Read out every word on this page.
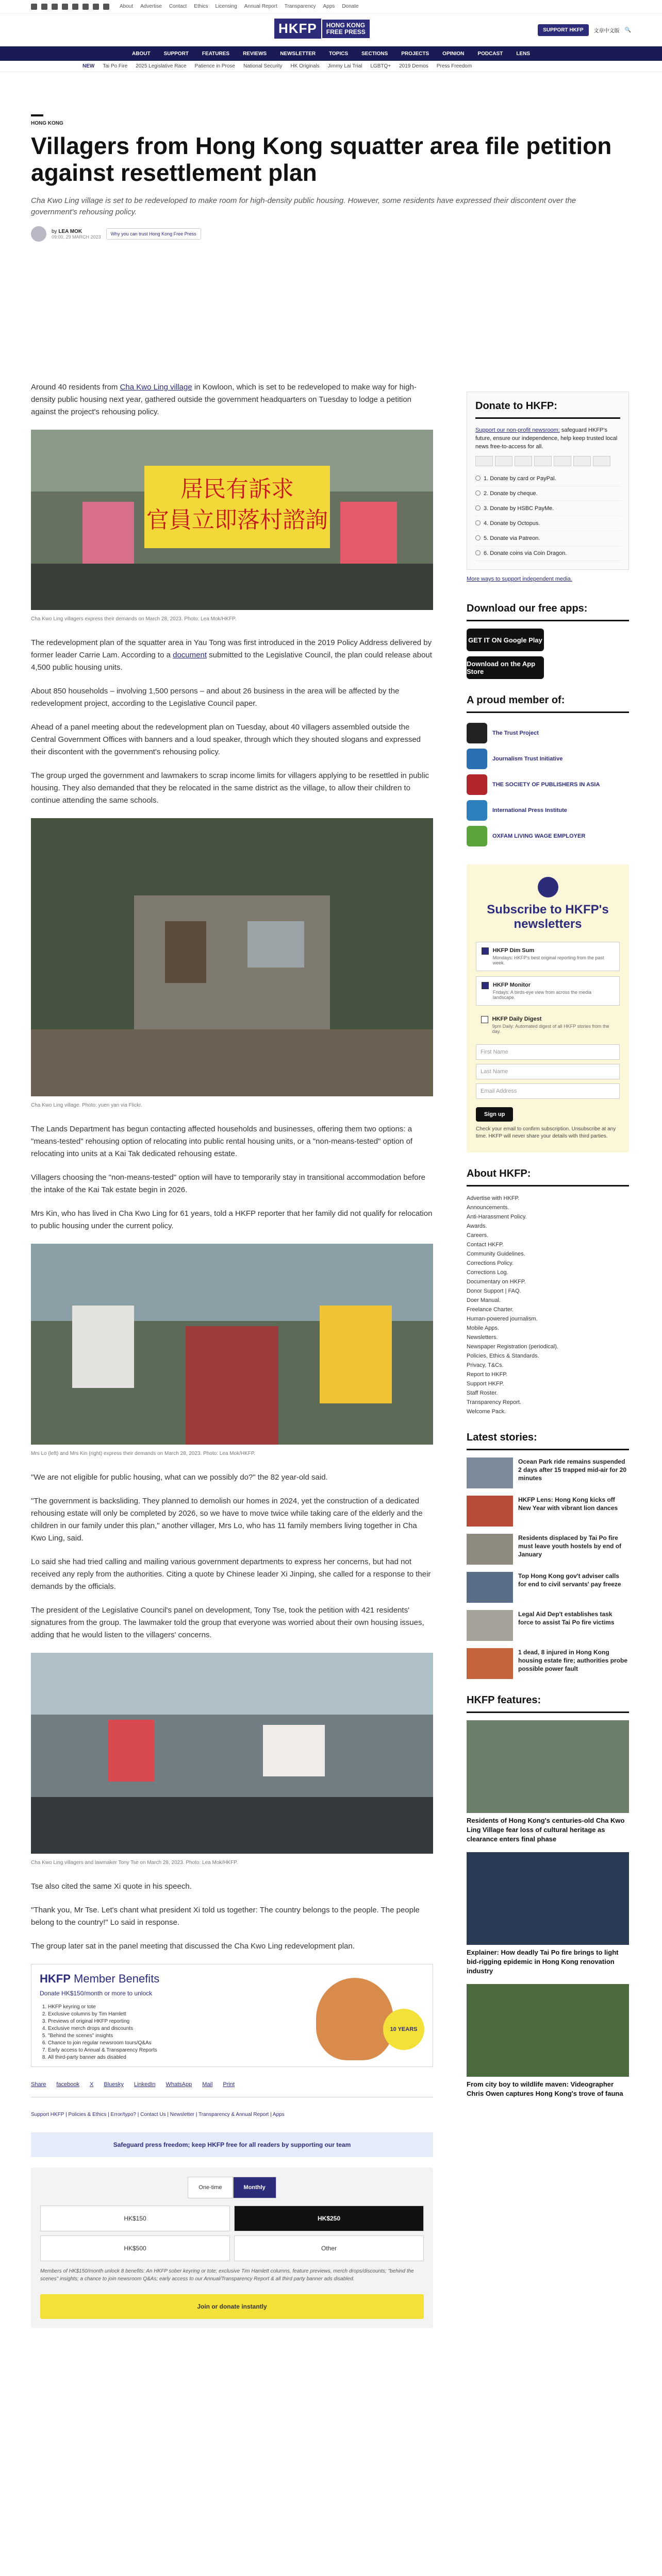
About Advertise Contact Ethics Licensing Annual Report Transparency Apps Donate
HKFP	HONG KONG
FREE PRESS	SUPPORT HKFP	文章中文版 🔍
ABOUT	SUPPORT	FEATURES	REVIEWS	NEWSLETTER	TOPICS	SECTIONS	PROJECTS	OPINION	PODCAST	LENS
NEW Tai Po Fire 2025 Legislative Race Patience in Prose National Security HK Originals Jimmy Lai Trial LGBTQ+ 2019 Demos Press Freedom
HONG KONG
Villagers from Hong Kong squatter area file petition against resettlement plan

Cha Kwo Ling village is set to be redeveloped to make room for high-density public housing. However, some residents have expressed their discontent over the government's rehousing policy.

by LEA MOK
09:00, 29 MARCH 2023
Why you can trust Hong Kong Free Press

Around 40 residents from Cha Kwo Ling village in Kowloon, which is set to be redeveloped to make way for high-density public housing next year, gathered outside the government headquarters on Tuesday to lodge a petition against the project's rehousing policy.

居民有訴求
官員立即落村諮詢
Cha Kwo Ling villagers express their demands on March 28, 2023. Photo: Lea Mok/HKFP.

The redevelopment plan of the squatter area in Yau Tong was first introduced in the 2019 Policy Address delivered by former leader Carrie Lam. According to a document submitted to the Legislative Council, the plan could release about 4,500 public housing units.

About 850 households – involving 1,500 persons – and about 26 business in the area will be affected by the redevelopment project, according to the Legislative Council paper.

Ahead of a panel meeting about the redevelopment plan on Tuesday, about 40 villagers assembled outside the Central Government Offices with banners and a loud speaker, through which they shouted slogans and expressed their discontent with the government's rehousing policy.

The group urged the government and lawmakers to scrap income limits for villagers applying to be resettled in public housing. They also demanded that they be relocated in the same district as the village, to allow their children to continue attending the same schools.

Cha Kwo Ling village. Photo: yuen yan via Flickr.

The Lands Department has begun contacting affected households and businesses, offering them two options: a "means-tested" rehousing option of relocating into public rental housing units, or a "non-means-tested" option of relocating into units at a Kai Tak dedicated rehousing estate.

Villagers choosing the "non-means-tested" option will have to temporarily stay in transitional accommodation before the intake of the Kai Tak estate begin in 2026.

Mrs Kin, who has lived in Cha Kwo Ling for 61 years, told a HKFP reporter that her family did not qualify for relocation to public housing under the current policy.

Mrs Lo (left) and Mrs Kin (right) express their demands on March 28, 2023. Photo: Lea Mok/HKFP.

"We are not eligible for public housing, what can we possibly do?" the 82 year-old said.

"The government is backsliding. They planned to demolish our homes in 2024, yet the construction of a dedicated rehousing estate will only be completed by 2026, so we have to move twice while taking care of the elderly and the children in our family under this plan," another villager, Mrs Lo, who has 11 family members living together in Cha Kwo Ling, said.

Lo said she had tried calling and mailing various government departments to express her concerns, but had not received any reply from the authorities. Citing a quote by Chinese leader Xi Jinping, she called for a response to their demands by the officials.

The president of the Legislative Council's panel on development, Tony Tse, took the petition with 421 residents' signatures from the group. The lawmaker told the group that everyone was worried about their own housing issues, adding that he would listen to the villagers' concerns.

Cha Kwo Ling villagers and lawmaker Tony Tse on March 28, 2023. Photo: Lea Mok/HKFP.

Tse also cited the same Xi quote in his speech.

"Thank you, Mr Tse. Let's chant what president Xi told us together: The country belongs to the people. The people belong to the country!" Lo said in response.

The group later sat in the panel meeting that discussed the Cha Kwo Ling redevelopment plan.

HKFP Member Benefits
Donate HK$150/month or more to unlock
1. HKFP keyring or tote
2. Exclusive columns by Tim Hamlett
3. Previews of original HKFP reporting
4. Exclusive merch drops and discounts
5. "Behind the scenes" insights
6. Chance to join regular newsroom tours/Q&As
7. Early access to Annual & Transparency Reports
8. All third-party banner ads disabled
10 YEARS
Share facebook X Bluesky LinkedIn WhatsApp Mail Print
Support HKFP | Policies & Ethics | Error/typo? | Contact Us | Newsletter | Transparency & Annual Report | Apps
Safeguard press freedom; keep HKFP free for all readers by supporting our team
One-time	Monthly
HK$150	HK$250
HK$500	Other

Members of HK$150/month unlock 8 benefits: An HKFP sober keyring or tote; exclusive Tim Hamlett columns, feature previews, merch drops/discounts; "behind the scenes" insights; a chance to join newsroom Q&As; early access to our Annual/Transparency Report & all third party banner ads disabled.

Join or donate instantly
Donate to HKFP:

Support our non-profit newsroom: safeguard HKFP's future, ensure our independence, help keep trusted local news free-to-access for all.

1. Donate by card or PayPal.
2. Donate by cheque.
3. Donate by HSBC PayMe.
4. Donate by Octopus.
5. Donate via Patreon.
6. Donate coins via Coin Dragon.
More ways to support independent media.
Download our free apps:
GET IT ON Google Play
Download on the App Store
A proud member of:
The Trust Project
Journalism Trust Initiative
THE SOCIETY OF PUBLISHERS IN ASIA
International Press Institute
OXFAM LIVING WAGE EMPLOYER
Subscribe to HKFP's newsletters
HKFP Dim Sum
Mondays: HKFP's best original reporting from the past week.
HKFP Monitor
Fridays: A birds-eye view from across the media landscape.
HKFP Daily Digest
9pm Daily: Automated digest of all HKFP stories from the day.
First Name
Last Name
Email Address
Sign up

Check your email to confirm subscription. Unsubscribe at any time. HKFP will never share your details with third parties.

About HKFP:
Advertise with HKFP.
Announcements.
Anti-Harassment Policy.
Awards.
Careers.
Contact HKFP.
Community Guidelines.
Corrections Policy.
Corrections Log.
Documentary on HKFP.
Donor Support | FAQ.
Doer Manual.
Freelance Charter.
Human-powered journalism.
Mobile Apps.
Newsletters.
Newspaper Registration (periodical).
Policies, Ethics & Standards.
Privacy, T&Cs.
Report to HKFP.
Support HKFP.
Staff Roster.
Transparency Report.
Welcome Pack.
Latest stories:
Ocean Park ride remains suspended 2 days after 15 trapped mid-air for 20 minutes
HKFP Lens: Hong Kong kicks off New Year with vibrant lion dances
Residents displaced by Tai Po fire must leave youth hostels by end of January
Top Hong Kong gov't adviser calls for end to civil servants' pay freeze
Legal Aid Dep't establishes task force to assist Tai Po fire victims
1 dead, 8 injured in Hong Kong housing estate fire; authorities probe possible power fault
HKFP features:
Residents of Hong Kong's centuries-old Cha Kwo Ling Village fear loss of cultural heritage as clearance enters final phase
Explainer: How deadly Tai Po fire brings to light bid-rigging epidemic in Hong Kong renovation industry
From city boy to wildlife maven: Videographer Chris Owen captures Hong Kong's trove of fauna
